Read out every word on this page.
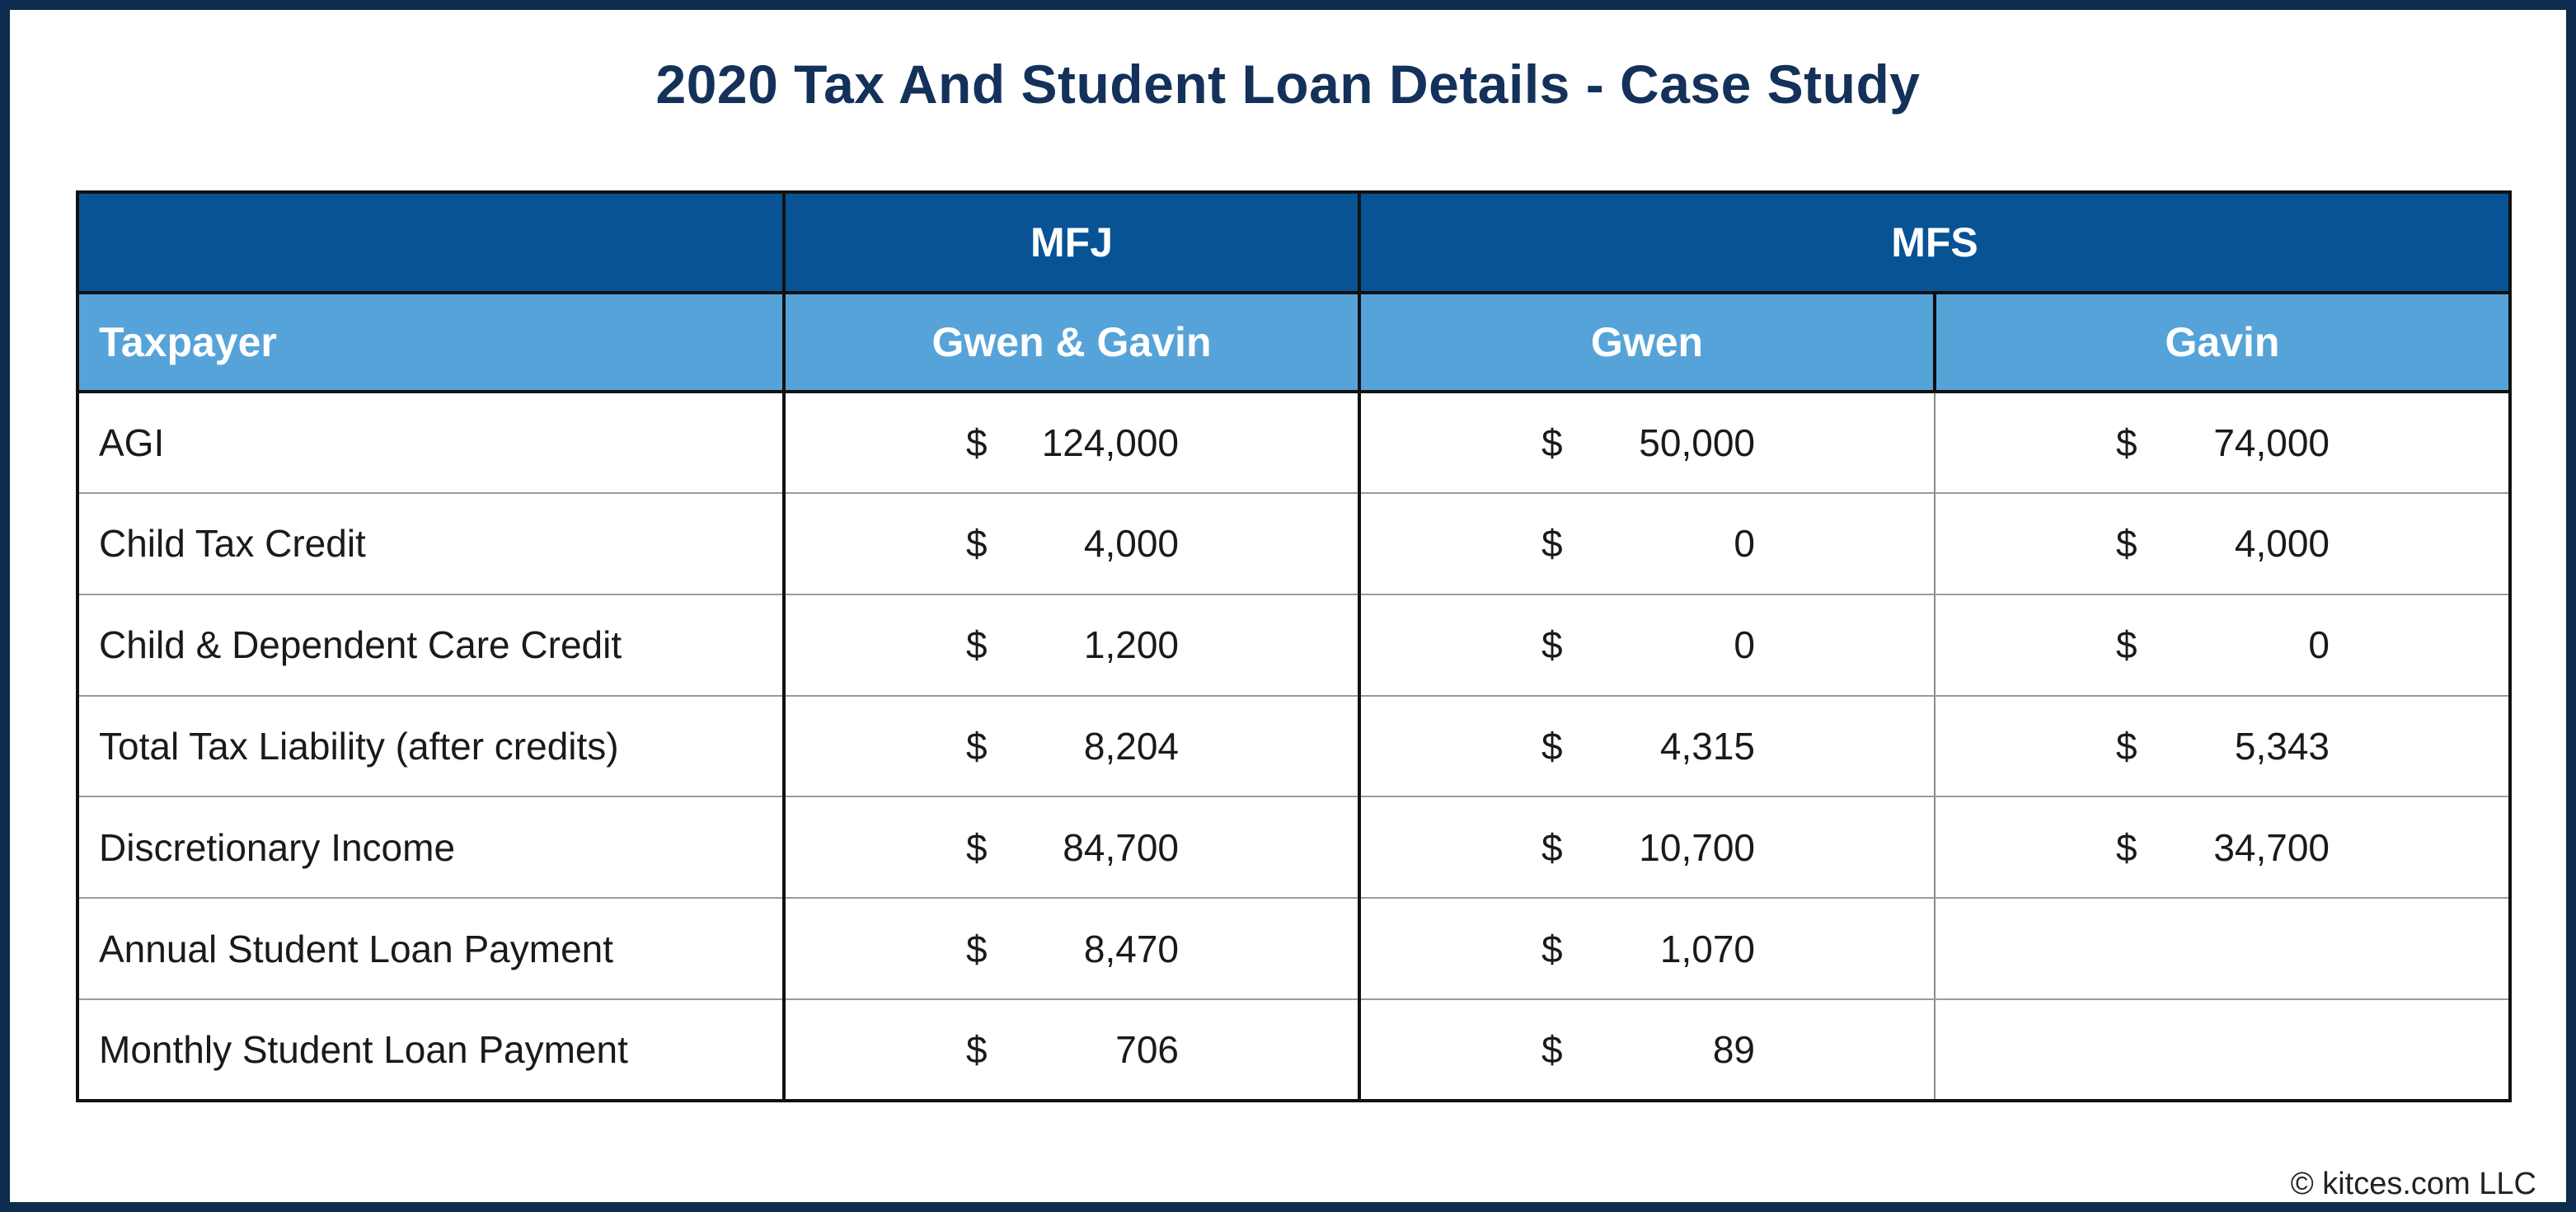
2020 Tax And Student Loan Details - Case Study
	MFJ	MFS	
Taxpayer	Gwen & Gavin	Gwen	Gavin
AGI	$ 124,000	$ 50,000	$ 74,000

Child Tax Credit	$ 4,000	$ 0	$ 4,000

Child & Dependent Care Credit	$ 1,200	$ 0	$ 0

Total Tax Liability (after credits)	$ 8,204	$ 4,315	$ 5,343

Discretionary Income	$ 84,700	$ 10,700	$ 34,700

Annual Student Loan Payment	$ 8,470	$ 1,070	

Monthly Student Loan Payment	$ 706	$ 89	

© kitces.com LLC
